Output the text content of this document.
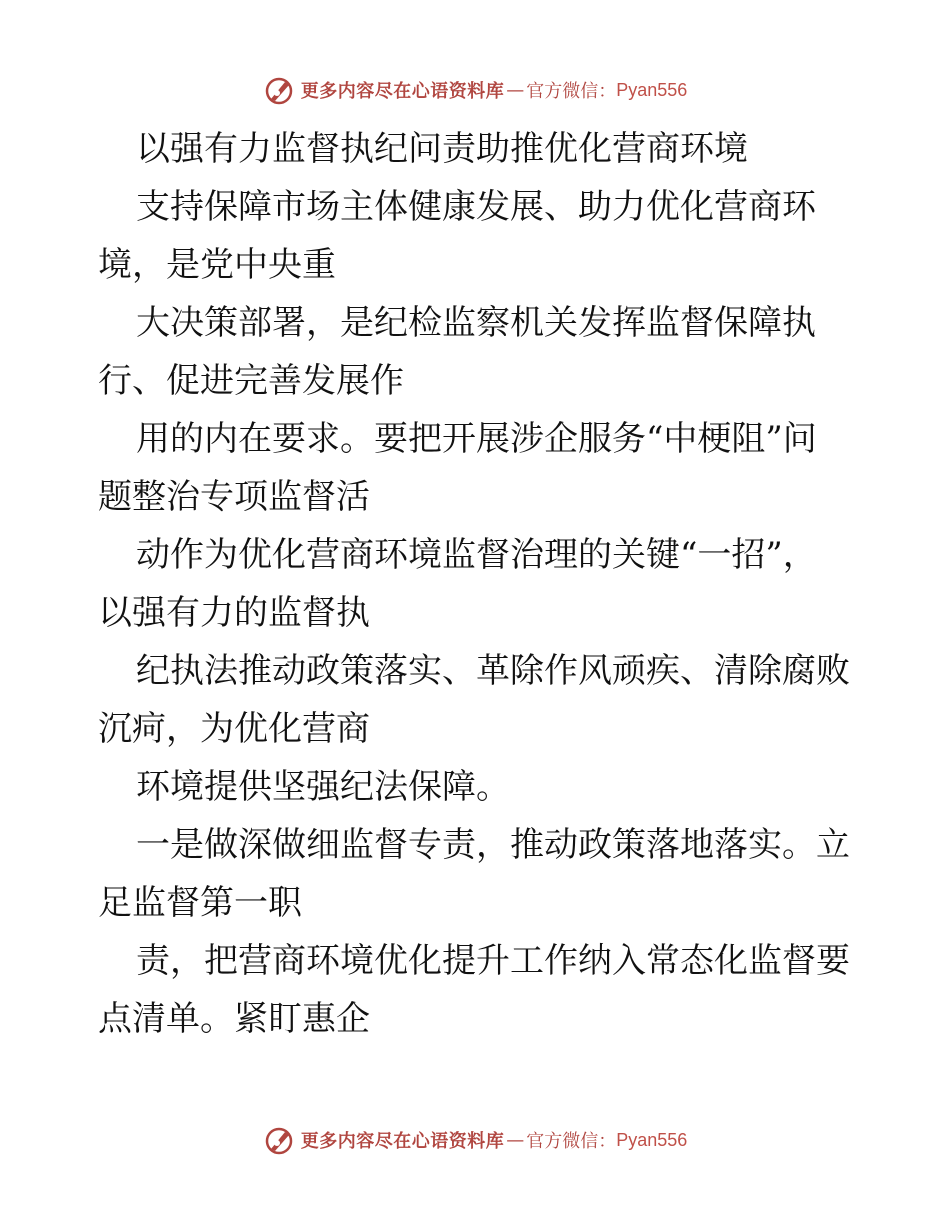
更多内容尽在心语资料库 — 官方微信： Pyan556
以强有力监督执纪问责助推优化营商环境
支持保障市场主体健康发展、助力优化营商环
境，是党中央重
大决策部署，是纪检监察机关发挥监督保障执
行、促进完善发展作
用的内在要求。要把开展涉企服务“中梗阻”问
题整治专项监督活
动作为优化营商环境监督治理的关键“一招”，
以强有力的监督执
纪执法推动政策落实、革除作风顽疾、清除腐败
沉疴，为优化营商
环境提供坚强纪法保障。
一是做深做细监督专责，推动政策落地落实。立
足监督第一职
责，把营商环境优化提升工作纳入常态化监督要
点清单。紧盯惠企
更多内容尽在心语资料库 — 官方微信： Pyan556
